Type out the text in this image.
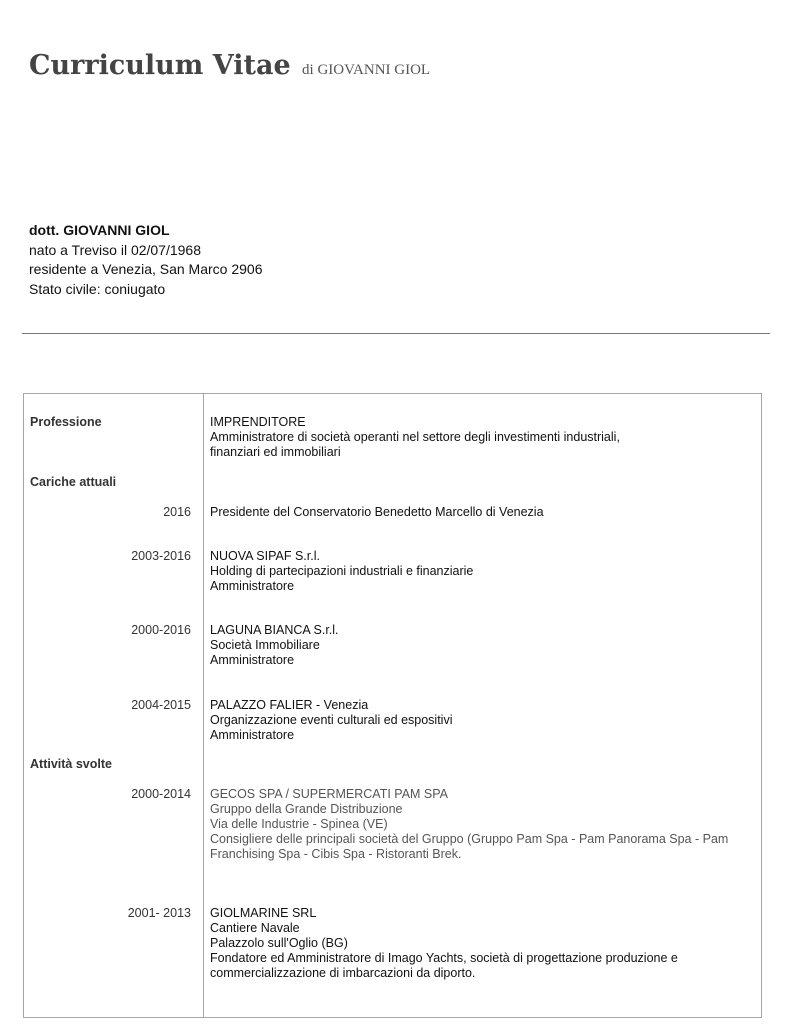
Curriculum Vitae di GIOVANNI GIOL
dott. GIOVANNI GIOL
nato a Treviso il 02/07/1968
residente a Venezia, San Marco 2906
Stato civile: coniugato
Professione	IMPRENDITORE
Amministratore di società operanti nel settore degli investimenti industriali,
finanziari ed immobiliari
Cariche attuali
2016 Presidente del Conservatorio Benedetto Marcello di Venezia
2003-2016 NUOVA SIPAF S.r.l.
Holding di partecipazioni industriali e finanziarie
Amministratore
2000-2016 LAGUNA BIANCA S.r.l.
Società Immobiliare
Amministratore
2004-2015 PALAZZO FALIER - Venezia
Organizzazione eventi culturali ed espositivi
Amministratore
Attività svolte
2000-2014 GECOS SPA / SUPERMERCATI PAM SPA
Gruppo della Grande Distribuzione
Via delle Industrie - Spinea (VE)
Consigliere delle principali società del Gruppo (Gruppo Pam Spa - Pam Panorama Spa - Pam
Franchising Spa - Cibis Spa - Ristoranti Brek.
2001- 2013 GIOLMARINE SRL
Cantiere Navale
Palazzolo sull'Oglio (BG)
Fondatore ed Amministratore di Imago Yachts, società di progettazione produzione e
commercializzazione di imbarcazioni da diporto.
